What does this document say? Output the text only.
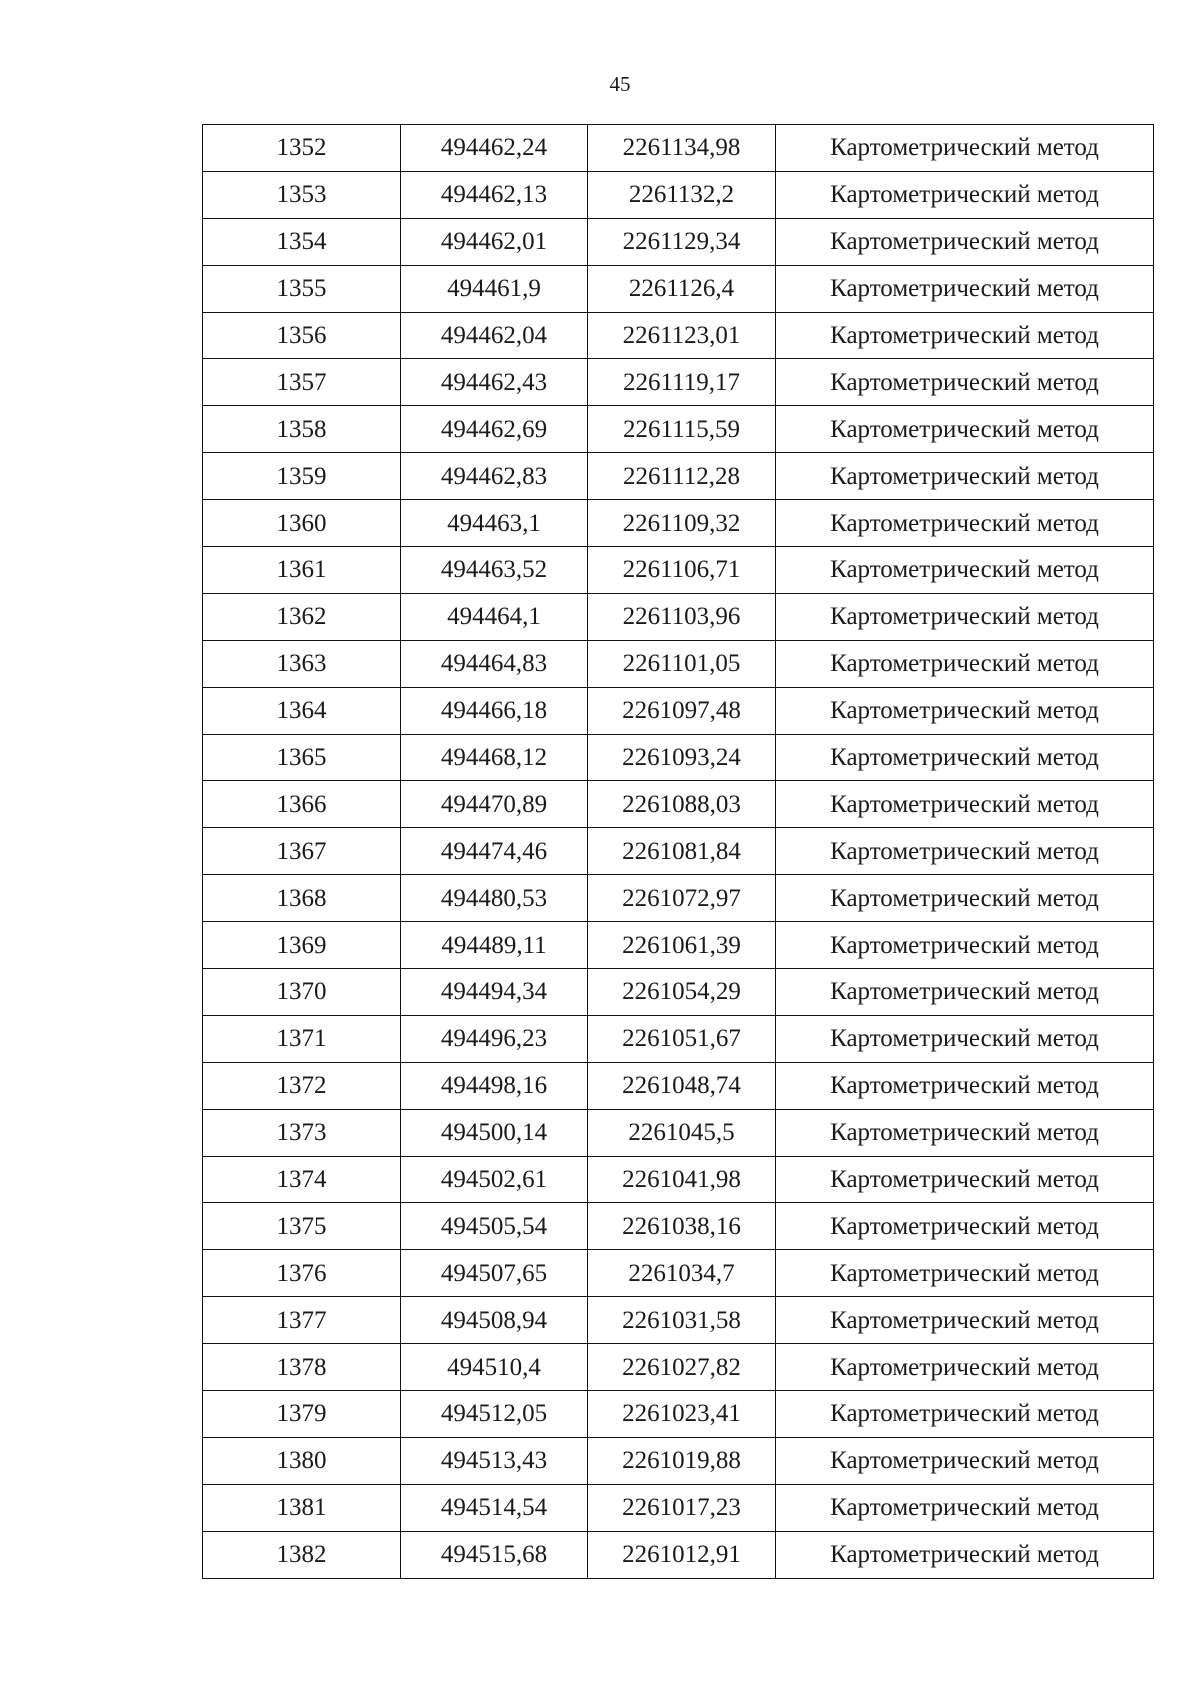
45
1352	494462,24	2261134,98	Картометрический метод
1353	494462,13	2261132,2	Картометрический метод
1354	494462,01	2261129,34	Картометрический метод
1355	494461,9	2261126,4	Картометрический метод
1356	494462,04	2261123,01	Картометрический метод
1357	494462,43	2261119,17	Картометрический метод
1358	494462,69	2261115,59	Картометрический метод
1359	494462,83	2261112,28	Картометрический метод
1360	494463,1	2261109,32	Картометрический метод
1361	494463,52	2261106,71	Картометрический метод
1362	494464,1	2261103,96	Картометрический метод
1363	494464,83	2261101,05	Картометрический метод
1364	494466,18	2261097,48	Картометрический метод
1365	494468,12	2261093,24	Картометрический метод
1366	494470,89	2261088,03	Картометрический метод
1367	494474,46	2261081,84	Картометрический метод
1368	494480,53	2261072,97	Картометрический метод
1369	494489,11	2261061,39	Картометрический метод
1370	494494,34	2261054,29	Картометрический метод
1371	494496,23	2261051,67	Картометрический метод
1372	494498,16	2261048,74	Картометрический метод
1373	494500,14	2261045,5	Картометрический метод
1374	494502,61	2261041,98	Картометрический метод
1375	494505,54	2261038,16	Картометрический метод
1376	494507,65	2261034,7	Картометрический метод
1377	494508,94	2261031,58	Картометрический метод
1378	494510,4	2261027,82	Картометрический метод
1379	494512,05	2261023,41	Картометрический метод
1380	494513,43	2261019,88	Картометрический метод
1381	494514,54	2261017,23	Картометрический метод
1382	494515,68	2261012,91	Картометрический метод
